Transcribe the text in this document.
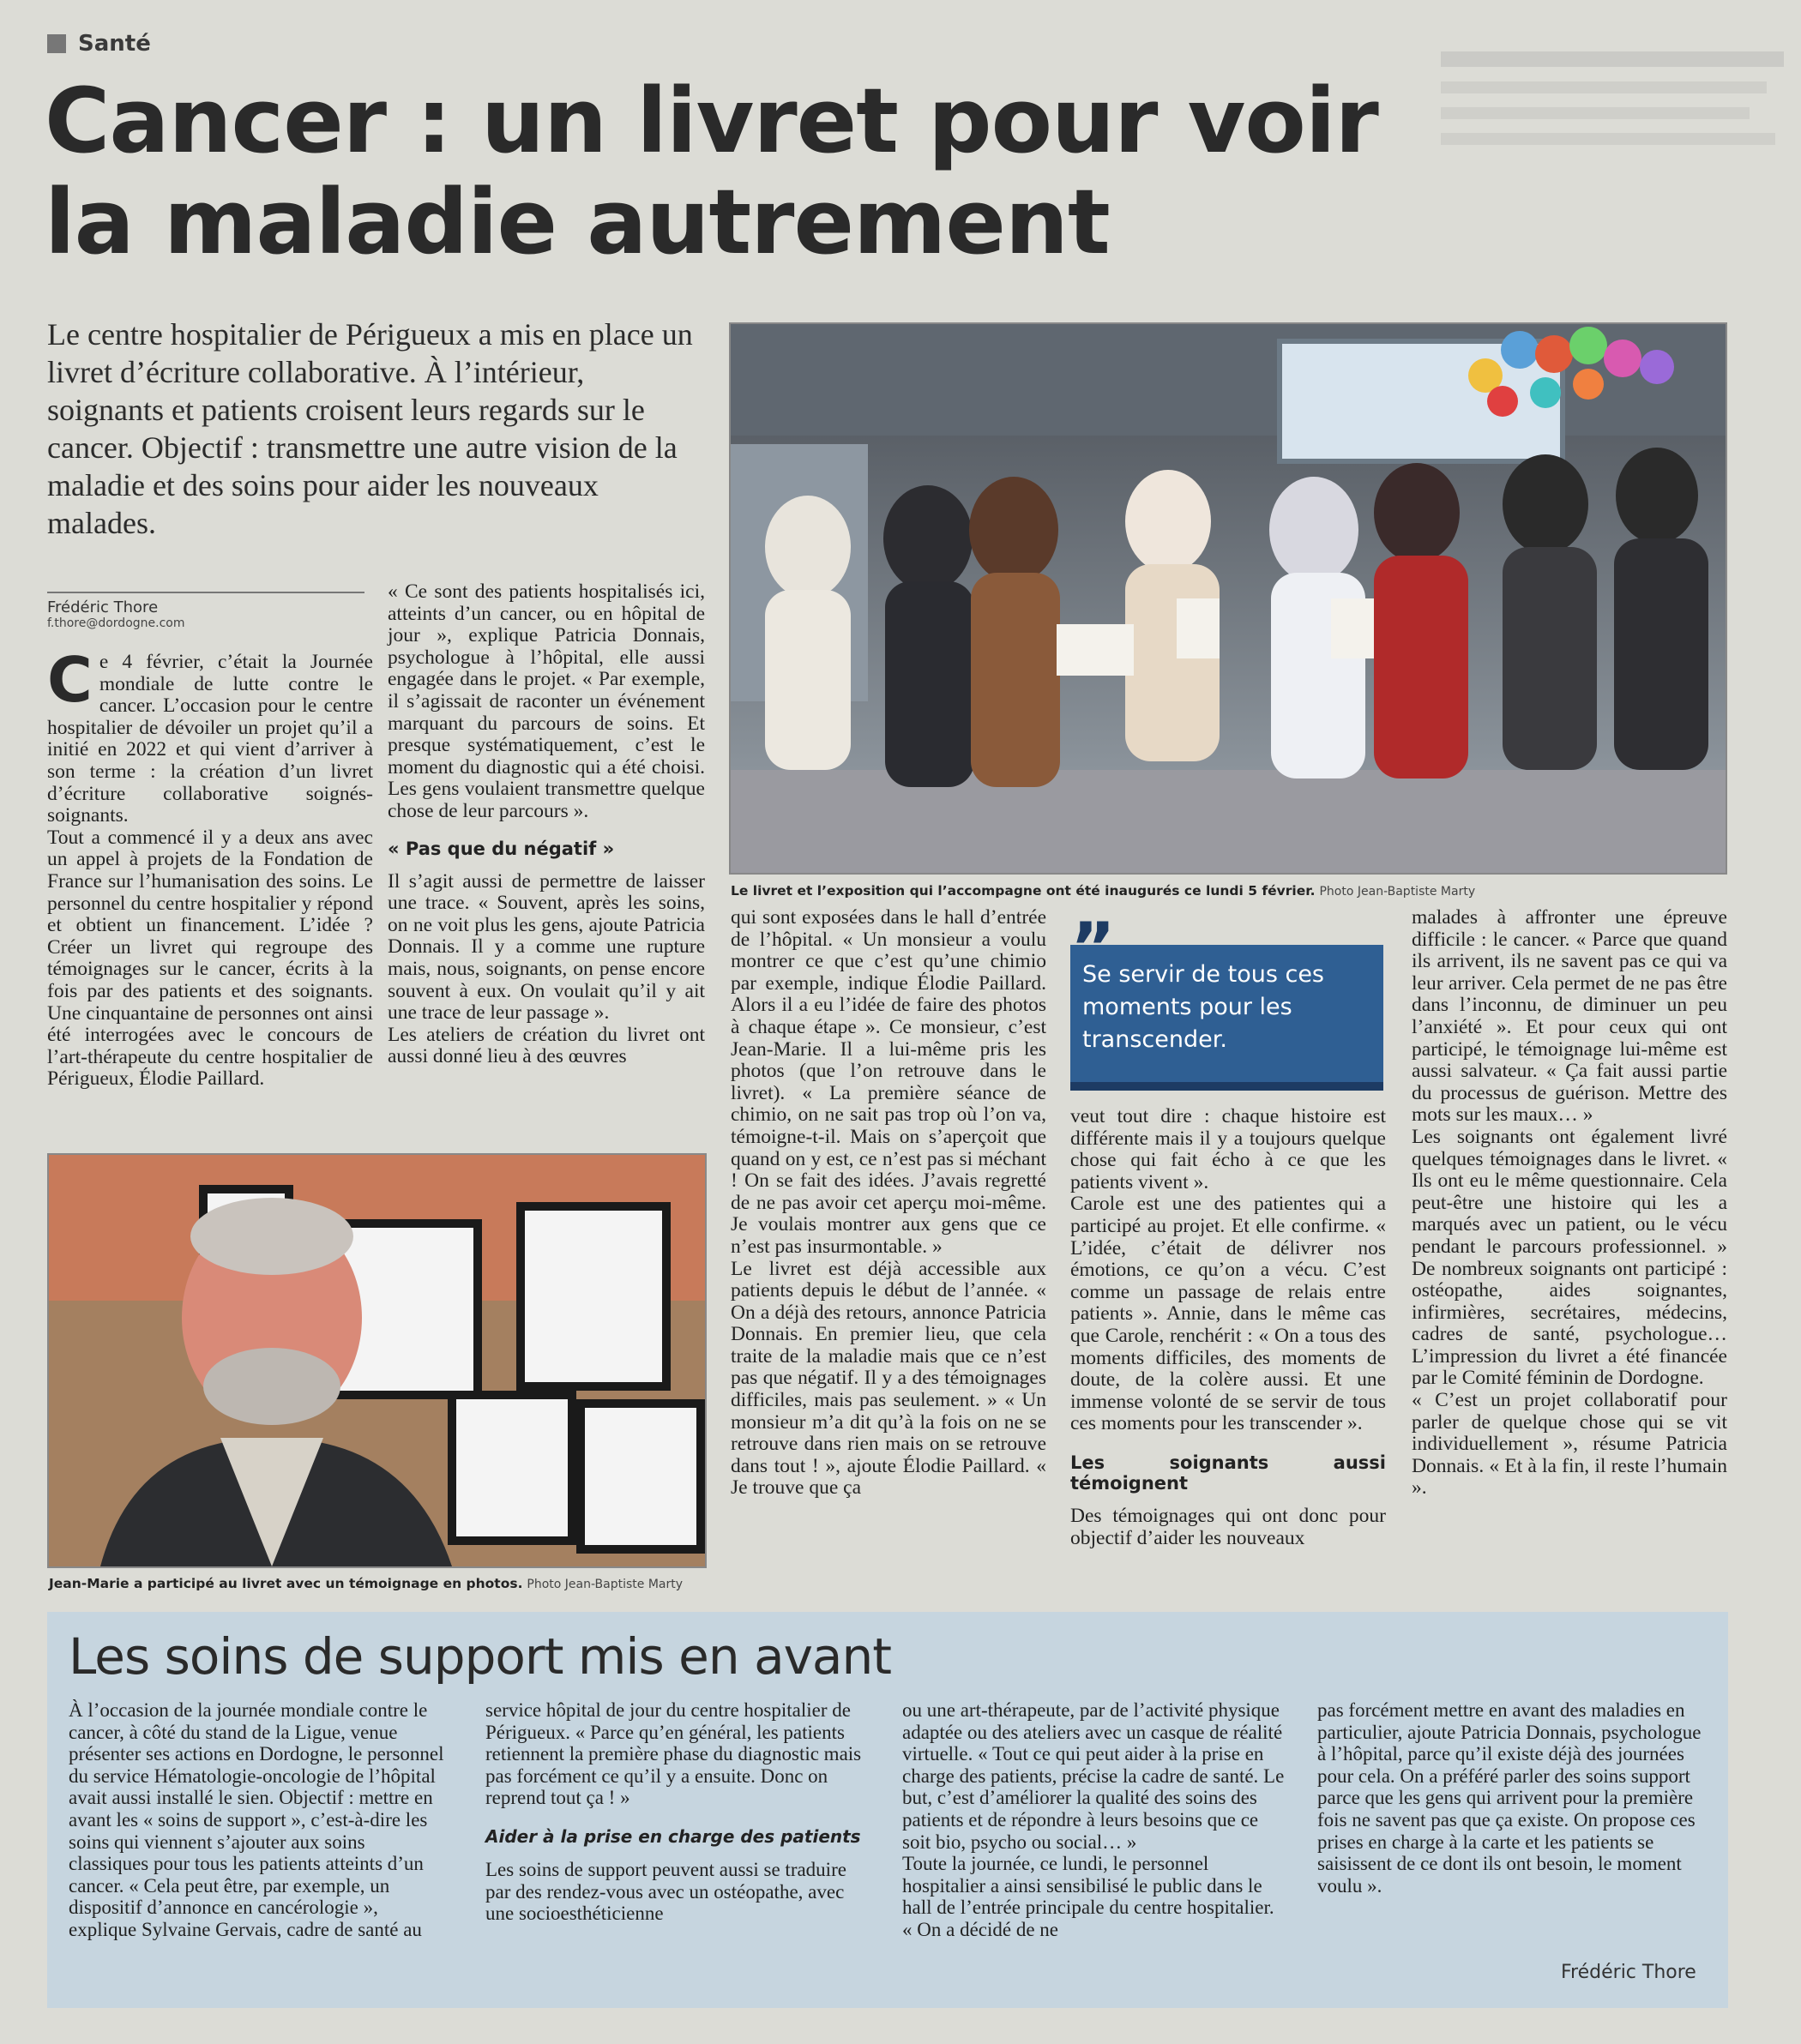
Santé
Cancer : un livret pour voir la maladie autrement

Le centre hospitalier de Périgueux a mis en place un livret d’écriture collaborative. À l’intérieur, soignants et patients croisent leurs regards sur le cancer. Objectif : transmettre une autre vision de la maladie et des soins pour aider les nouveaux malades.

Frédéric Thore
f.thore@dordogne.com

Ce 4 février, c’était la Journée mondiale de lutte contre le cancer. L’occasion pour le centre hospitalier de dévoiler un projet qu’il a initié en 2022 et qui vient d’arriver à son terme : la création d’un livret d’écriture collaborative soignés-soignants.

Tout a commencé il y a deux ans avec un appel à projets de la Fondation de France sur l’humanisation des soins. Le personnel du centre hospitalier y répond et obtient un financement. L’idée ? Créer un livret qui regroupe des témoignages sur le cancer, écrits à la fois par des patients et des soignants. Une cinquantaine de personnes ont ainsi été interrogées avec le concours de l’art-thérapeute du centre hospitalier de Périgueux, Élodie Paillard.

« Ce sont des patients hospitalisés ici, atteints d’un cancer, ou en hôpital de jour », explique Patricia Donnais, psychologue à l’hôpital, elle aussi engagée dans le projet. « Par exemple, il s’agissait de raconter un événement marquant du parcours de soins. Et presque systématiquement, c’est le moment du diagnostic qui a été choisi. Les gens voulaient transmettre quelque chose de leur parcours ».

« Pas que du négatif »

Il s’agit aussi de permettre de laisser une trace. « Souvent, après les soins, on ne voit plus les gens, ajoute Patricia Donnais. Il y a comme une rupture mais, nous, soignants, on pense encore souvent à eux. On voulait qu’il y ait une trace de leur passage ».

Les ateliers de création du livret ont aussi donné lieu à des œuvres

Le livret et l’exposition qui l’accompagne ont été inaugurés ce lundi 5 février. Photo Jean-Baptiste Marty
Jean-Marie a participé au livret avec un témoignage en photos. Photo Jean-Baptiste Marty

qui sont exposées dans le hall d’entrée de l’hôpital. « Un monsieur a voulu montrer ce que c’est qu’une chimio par exemple, indique Élodie Paillard. Alors il a eu l’idée de faire des photos à chaque étape ». Ce monsieur, c’est Jean-Marie. Il a lui-même pris les photos (que l’on retrouve dans le livret). « La première séance de chimio, on ne sait pas trop où l’on va, témoigne-t-il. Mais on s’aperçoit que quand on y est, ce n’est pas si méchant ! On se fait des idées. J’avais regretté de ne pas avoir cet aperçu moi-même. Je voulais montrer aux gens que ce n’est pas insurmontable. »

Le livret est déjà accessible aux patients depuis le début de l’année. « On a déjà des retours, annonce Patricia Donnais. En premier lieu, que cela traite de la maladie mais que ce n’est pas que négatif. Il y a des témoignages difficiles, mais pas seulement. » « Un monsieur m’a dit qu’à la fois on ne se retrouve dans rien mais on se retrouve dans tout ! », ajoute Élodie Paillard. « Je trouve que ça

”
Se servir de tous ces moments pour les transcender.

veut tout dire : chaque histoire est différente mais il y a toujours quelque chose qui fait écho à ce que les patients vivent ».

Carole est une des patientes qui a participé au projet. Et elle confirme. « L’idée, c’était de délivrer nos émotions, ce qu’on a vécu. C’est comme un passage de relais entre patients ». Annie, dans le même cas que Carole, renchérit : « On a tous des moments difficiles, des moments de doute, de la colère aussi. Et une immense volonté de se servir de tous ces moments pour les transcender ».

Les soignants aussi témoignent

Des témoignages qui ont donc pour objectif d’aider les nouveaux

malades à affronter une épreuve difficile : le cancer. « Parce que quand ils arrivent, ils ne savent pas ce qui va leur arriver. Cela permet de ne pas être dans l’inconnu, de diminuer un peu l’anxiété ». Et pour ceux qui ont participé, le témoignage lui-même est aussi salvateur. « Ça fait aussi partie du processus de guérison. Mettre des mots sur les maux… »

Les soignants ont également livré quelques témoignages dans le livret. « Ils ont eu le même questionnaire. Cela peut-être une histoire qui les a marqués avec un patient, ou le vécu pendant le parcours professionnel. » De nombreux soignants ont participé : ostéopathe, aides soignantes, infirmières, secrétaires, médecins, cadres de santé, psychologue… L’impression du livret a été financée par le Comité féminin de Dordogne.

« C’est un projet collaboratif pour parler de quelque chose qui se vit individuellement », résume Patricia Donnais. « Et à la fin, il reste l’humain ».

Les soins de support mis en avant

À l’occasion de la journée mondiale contre le cancer, à côté du stand de la Ligue, venue présenter ses actions en Dordogne, le personnel du service Hématologie-oncologie de l’hôpital avait aussi installé le sien. Objectif : mettre en avant les « soins de support », c’est-à-dire les soins qui viennent s’ajouter aux soins classiques pour tous les patients atteints d’un cancer. « Cela peut être, par exemple, un dispositif d’annonce en cancérologie », explique Sylvaine Gervais, cadre de santé au

service hôpital de jour du centre hospitalier de Périgueux. « Parce qu’en général, les patients retiennent la première phase du diagnostic mais pas forcément ce qu’il y a ensuite. Donc on reprend tout ça ! »

Aider à la prise en charge des patients

Les soins de support peuvent aussi se traduire par des rendez-vous avec un ostéopathe, avec une socioesthéticienne

ou une art-thérapeute, par de l’activité physique adaptée ou des ateliers avec un casque de réalité virtuelle. « Tout ce qui peut aider à la prise en charge des patients, précise la cadre de santé. Le but, c’est d’améliorer la qualité des soins des patients et de répondre à leurs besoins que ce soit bio, psycho ou social… »

Toute la journée, ce lundi, le personnel hospitalier a ainsi sensibilisé le public dans le hall de l’entrée principale du centre hospitalier. « On a décidé de ne

pas forcément mettre en avant des maladies en particulier, ajoute Patricia Donnais, psychologue à l’hôpital, parce qu’il existe déjà des journées pour cela. On a préféré parler des soins support parce que les gens qui arrivent pour la première fois ne savent pas que ça existe. On propose ces prises en charge à la carte et les patients se saisissent de ce dont ils ont besoin, le moment voulu ».

Frédéric Thore
